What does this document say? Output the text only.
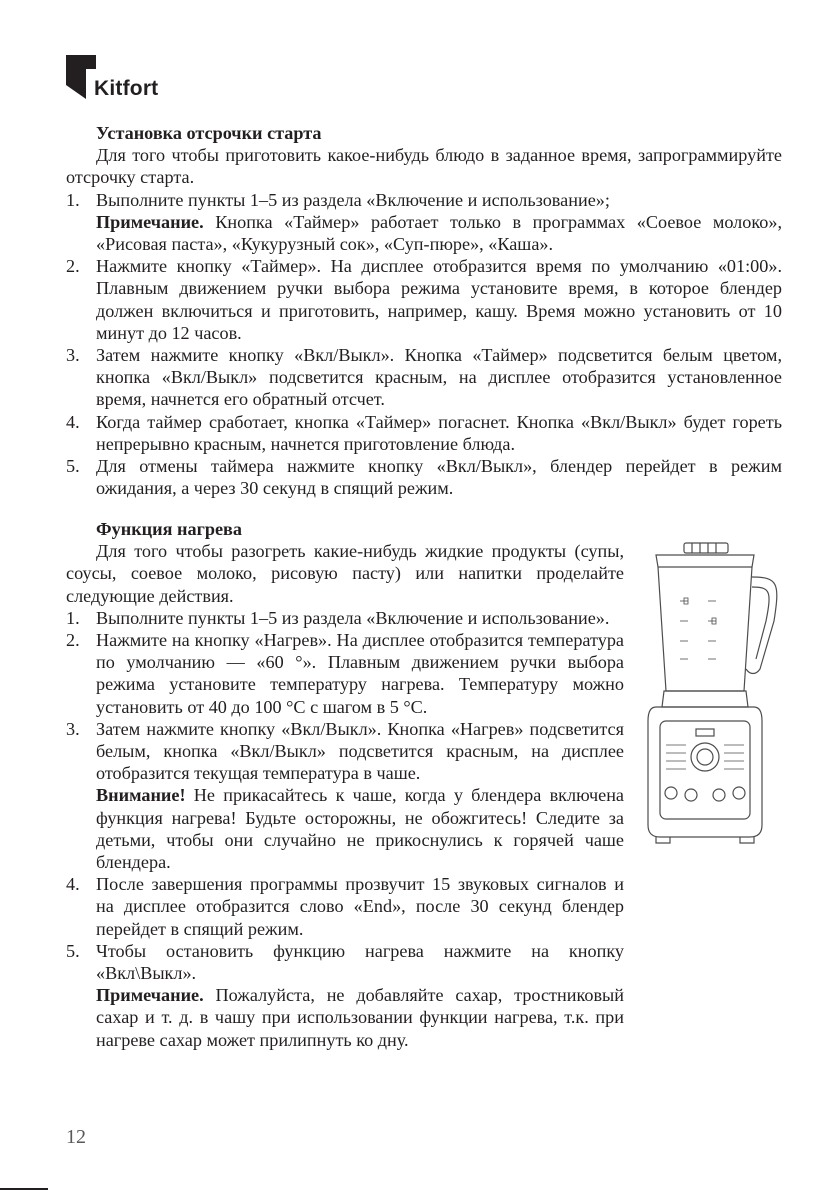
Kitfort
Установка отсрочки старта
Для того чтобы приготовить какое-нибудь блюдо в заданное время, запрограммируйте отсрочку старта.
1. Выполните пункты 1–5 из раздела «Включение и использование»;
Примечание. Кнопка «Таймер» работает только в программах «Соевое молоко», «Рисовая паста», «Кукурузный сок», «Суп-пюре», «Каша».
2. Нажмите кнопку «Таймер». На дисплее отобразится время по умолчанию «01:00». Плавным движением ручки выбора режима установите время, в которое блендер должен включиться и приготовить, например, кашу. Время можно установить от 10 минут до 12 часов.
3. Затем нажмите кнопку «Вкл/Выкл». Кнопка «Таймер» подсветится белым цветом, кнопка «Вкл/Выкл» подсветится красным, на дисплее отобразится установленное время, начнется его обратный отсчет.
4. Когда таймер сработает, кнопка «Таймер» погаснет. Кнопка «Вкл/Выкл» будет гореть непрерывно красным, начнется приготовление блюда.
5. Для отмены таймера нажмите кнопку «Вкл/Выкл», блендер перейдет в режим ожидания, а через 30 секунд в спящий режим.
Функция нагрева
Для того чтобы разогреть какие-нибудь жидкие продукты (супы, соусы, соевое молоко, рисовую пасту) или напитки проделайте следующие действия.
1. Выполните пункты 1–5 из раздела «Включение и использование».
2. Нажмите на кнопку «Нагрев». На дисплее отобразится температура по умолчанию — «60 °». Плавным движением ручки выбора режима установите температуру нагрева. Температуру можно установить от 40 до 100 °С с шагом в 5 °С.
3. Затем нажмите кнопку «Вкл/Выкл». Кнопка «Нагрев» подсветится белым, кнопка «Вкл/Выкл» подсветится красным, на дисплее отобразится текущая температура в чаше.
Внимание! Не прикасайтесь к чаше, когда у блендера включена функция нагрева! Будьте осторожны, не обожгитесь! Следите за детьми, чтобы они случайно не прикоснулись к горячей чаше блендера.
4. После завершения программы прозвучит 15 звуковых сигналов и на дисплее отобразится слово «End», после 30 секунд блендер перейдет в спящий режим.
5. Чтобы остановить функцию нагрева нажмите на кнопку «Вкл\Выкл».
Примечание. Пожалуйста, не добавляйте сахар, тростниковый сахар и т. д. в чашу при использовании функции нагрева, т.к. при нагреве сахар может прилипнуть ко дну.
12
